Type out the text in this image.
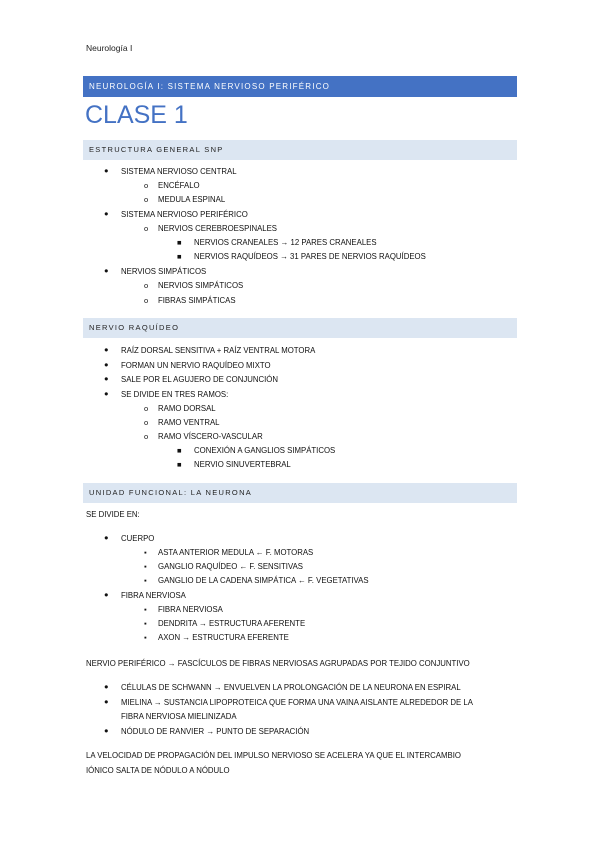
Neurología I
NEUROLOGÍA I: SISTEMA NERVIOSO PERIFÉRICO
CLASE 1
ESTRUCTURA GENERAL SNP
● SISTEMA NERVIOSO CENTRAL
o ENCÉFALO
o MEDULA ESPINAL
● SISTEMA NERVIOSO PERIFÉRICO
o NERVIOS CEREBROESPINALES
■ NERVIOS CRANEALES → 12 PARES CRANEALES
■ NERVIOS RAQUÍDEOS → 31 PARES DE NERVIOS RAQUÍDEOS
● NERVIOS SIMPÁTICOS
o NERVIOS SIMPÁTICOS
o FIBRAS SIMPÁTICAS
NERVIO RAQUÍDEO
● RAÍZ DORSAL SENSITIVA + RAÍZ VENTRAL MOTORA
● FORMAN UN NERVIO RAQUÍDEO MIXTO
● SALE POR EL AGUJERO DE CONJUNCIÓN
● SE DIVIDE EN TRES RAMOS:
o RAMO DORSAL
o RAMO VENTRAL
o RAMO VÍSCERO-VASCULAR
■ CONEXIÓN A GANGLIOS SIMPÁTICOS
■ NERVIO SINUVERTEBRAL
UNIDAD FUNCIONAL: LA NEURONA
SE DIVIDE EN:
● CUERPO
▪ ASTA ANTERIOR MEDULA ← F. MOTORAS
▪ GANGLIO RAQUÍDEO ← F. SENSITIVAS
▪ GANGLIO DE LA CADENA SIMPÁTICA ← F. VEGETATIVAS
● FIBRA NERVIOSA
▪ FIBRA NERVIOSA
▪ DENDRITA → ESTRUCTURA AFERENTE
▪ AXON → ESTRUCTURA EFERENTE
NERVIO PERIFÉRICO → FASCÍCULOS DE FIBRAS NERVIOSAS AGRUPADAS POR TEJIDO CONJUNTIVO
● CÉLULAS DE SCHWANN → ENVUELVEN LA PROLONGACIÓN DE LA NEURONA EN ESPIRAL
● MIELINA → SUSTANCIA LIPOPROTEICA QUE FORMA UNA VAINA AISLANTE ALREDEDOR DE LA
FIBRA NERVIOSA MIELINIZADA
● NÓDULO DE RANVIER → PUNTO DE SEPARACIÓN
LA VELOCIDAD DE PROPAGACIÓN DEL IMPULSO NERVIOSO SE ACELERA YA QUE EL INTERCAMBIO
IÓNICO SALTA DE NÓDULO A NÓDULO
